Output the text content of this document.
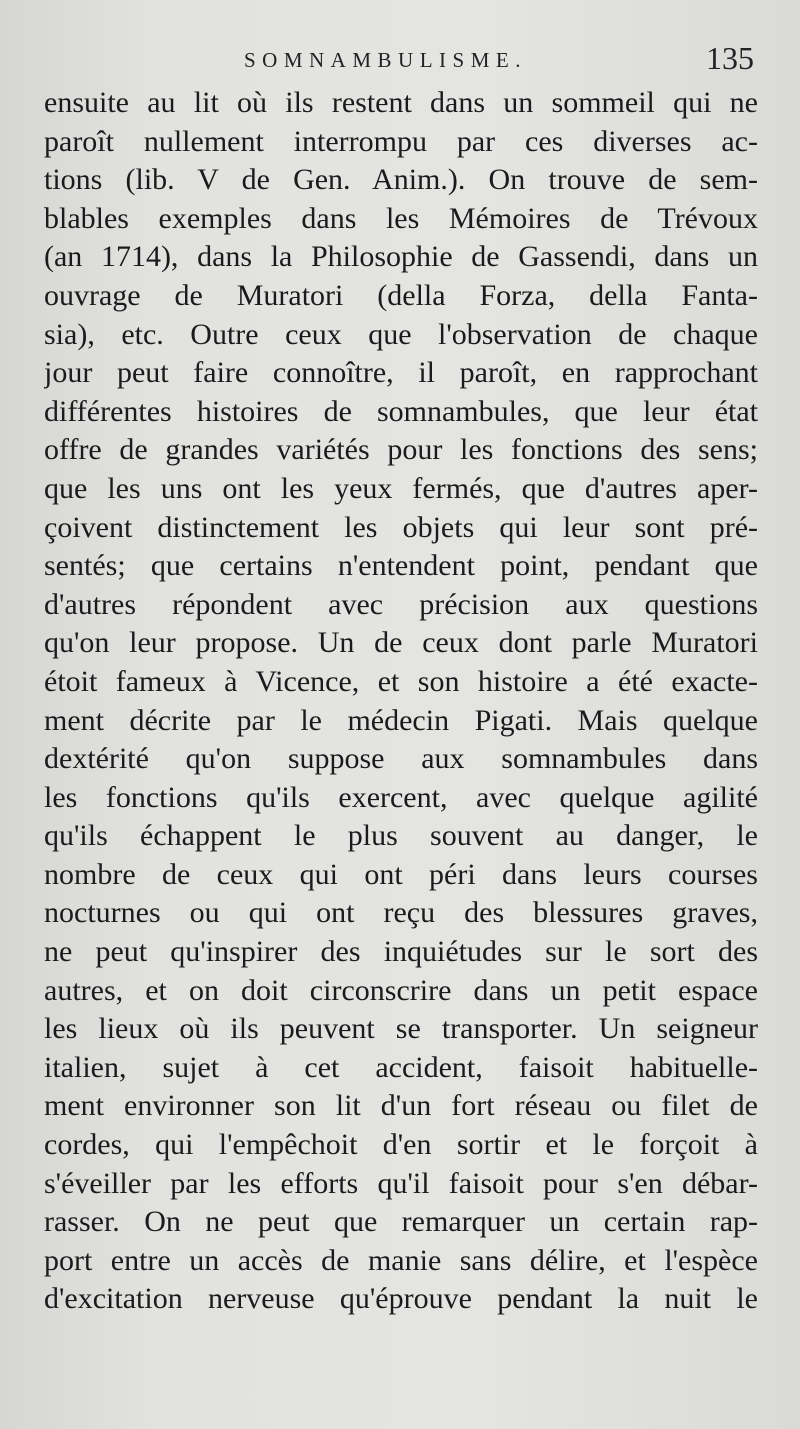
SOMNAMBULISME.	135
ensuite au lit où ils restent dans un sommeil qui ne
paroît nullement interrompu par ces diverses ac-
tions (lib. V de Gen. Anim.). On trouve de sem-
blables exemples dans les Mémoires de Trévoux
(an 1714), dans la Philosophie de Gassendi, dans un
ouvrage de Muratori (della Forza, della Fanta-
sia), etc. Outre ceux que l'observation de chaque
jour peut faire connoître, il paroît, en rapprochant
différentes histoires de somnambules, que leur état
offre de grandes variétés pour les fonctions des sens;
que les uns ont les yeux fermés, que d'autres aper-
çoivent distinctement les objets qui leur sont pré-
sentés; que certains n'entendent point, pendant que
d'autres répondent avec précision aux questions
qu'on leur propose. Un de ceux dont parle Muratori
étoit fameux à Vicence, et son histoire a été exacte-
ment décrite par le médecin Pigati. Mais quelque
dextérité qu'on suppose aux somnambules dans
les fonctions qu'ils exercent, avec quelque agilité
qu'ils échappent le plus souvent au danger, le
nombre de ceux qui ont péri dans leurs courses
nocturnes ou qui ont reçu des blessures graves,
ne peut qu'inspirer des inquiétudes sur le sort des
autres, et on doit circonscrire dans un petit espace
les lieux où ils peuvent se transporter. Un seigneur
italien, sujet à cet accident, faisoit habituelle-
ment environner son lit d'un fort réseau ou filet de
cordes, qui l'empêchoit d'en sortir et le forçoit à
s'éveiller par les efforts qu'il faisoit pour s'en débar-
rasser. On ne peut que remarquer un certain rap-
port entre un accès de manie sans délire, et l'espèce
d'excitation nerveuse qu'éprouve pendant la nuit le
